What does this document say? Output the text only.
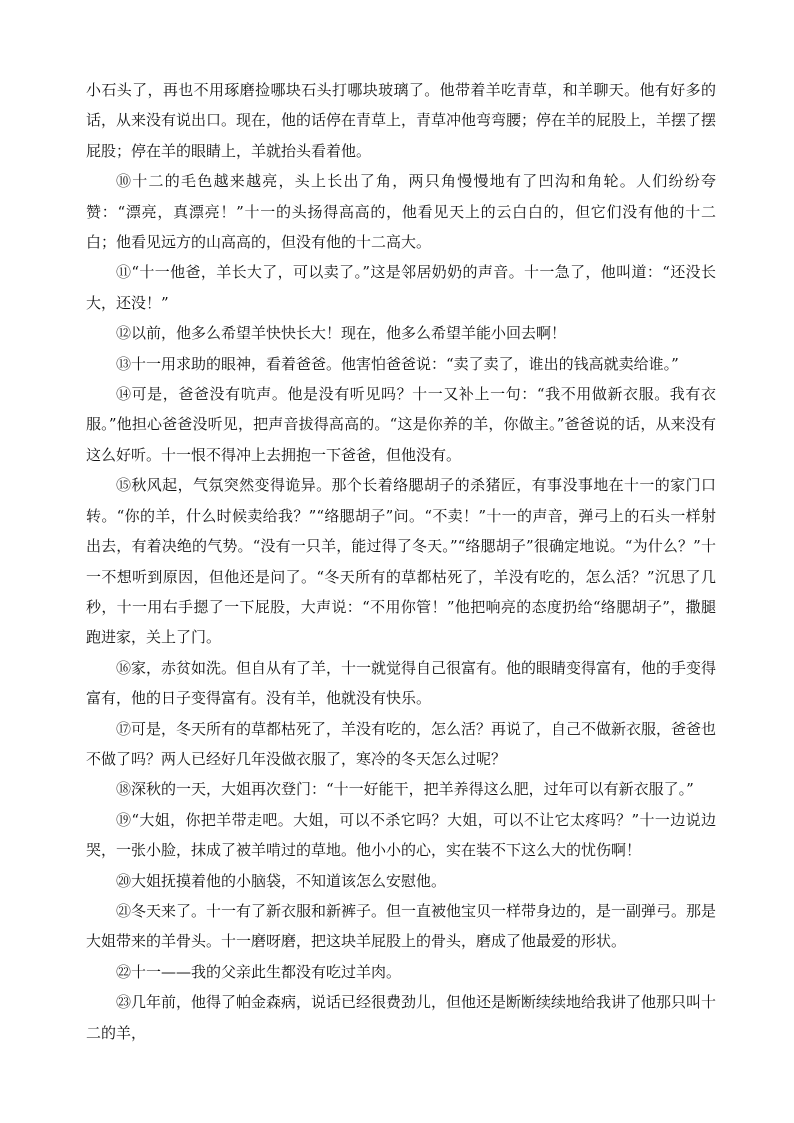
小石头了，再也不用琢磨捡哪块石头打哪块玻璃了。他带着羊吃青草，和羊聊天。他有好多的话，从来没有说出口。现在，他的话停在青草上，青草冲他弯弯腰；停在羊的屁股上，羊摆了摆屁股；停在羊的眼睛上，羊就抬头看着他。

⑩十二的毛色越来越亮，头上长出了角，两只角慢慢地有了凹沟和角轮。人们纷纷夸赞：“漂亮，真漂亮！”十一的头扬得高高的，他看见天上的云白白的，但它们没有他的十二白；他看见远方的山高高的，但没有他的十二高大。

⑪“十一他爸，羊长大了，可以卖了。”这是邻居奶奶的声音。十一急了，他叫道：“还没长大，还没！”

⑫以前，他多么希望羊快快长大！现在，他多么希望羊能小回去啊！

⑬十一用求助的眼神，看着爸爸。他害怕爸爸说：“卖了卖了，谁出的钱高就卖给谁。”

⑭可是，爸爸没有吭声。他是没有听见吗？十一又补上一句：“我不用做新衣服。我有衣服。”他担心爸爸没听见，把声音拔得高高的。“这是你养的羊，你做主。”爸爸说的话，从来没有这么好听。十一恨不得冲上去拥抱一下爸爸，但他没有。

⑮秋风起，气氛突然变得诡异。那个长着络腮胡子的杀猪匠，有事没事地在十一的家门口转。“你的羊，什么时候卖给我？”“络腮胡子”问。“不卖！”十一的声音，弹弓上的石头一样射出去，有着决绝的气势。“没有一只羊，能过得了冬天。”“络腮胡子”很确定地说。“为什么？”十一不想听到原因，但他还是问了。“冬天所有的草都枯死了，羊没有吃的，怎么活？”沉思了几秒，十一用右手摁了一下屁股，大声说：“不用你管！”他把响亮的态度扔给“络腮胡子”，撒腿跑进家，关上了门。

⑯家，赤贫如洗。但自从有了羊，十一就觉得自己很富有。他的眼睛变得富有，他的手变得富有，他的日子变得富有。没有羊，他就没有快乐。

⑰可是，冬天所有的草都枯死了，羊没有吃的，怎么活？再说了，自己不做新衣服，爸爸也不做了吗？两人已经好几年没做衣服了，寒冷的冬天怎么过呢？

⑱深秋的一天，大姐再次登门：“十一好能干，把羊养得这么肥，过年可以有新衣服了。”

⑲“大姐，你把羊带走吧。大姐，可以不杀它吗？大姐，可以不让它太疼吗？”十一边说边哭，一张小脸，抹成了被羊啃过的草地。他小小的心，实在装不下这么大的忧伤啊！

⑳大姐抚摸着他的小脑袋，不知道该怎么安慰他。

㉑冬天来了。十一有了新衣服和新裤子。但一直被他宝贝一样带身边的，是一副弹弓。那是大姐带来的羊骨头。十一磨呀磨，把这块羊屁股上的骨头，磨成了他最爱的形状。

㉒十一——我的父亲此生都没有吃过羊肉。

㉓几年前，他得了帕金森病，说话已经很费劲儿，但他还是断断续续地给我讲了他那只叫十二的羊，
